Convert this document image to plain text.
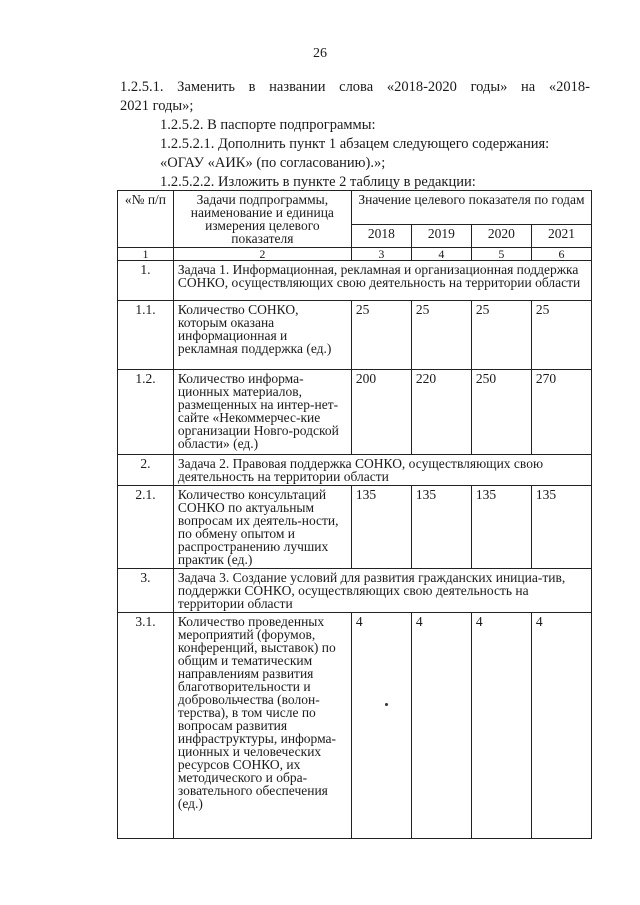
26
1.2.5.1. Заменить в названии слова «2018-2020 годы» на «2018-
2021 годы»;
1.2.5.2. В паспорте подпрограммы:
1.2.5.2.1. Дополнить пункт 1 абзацем следующего содержания:
«ОГАУ «АИК» (по согласованию).»;
1.2.5.2.2. Изложить в пункте 2 таблицу в редакции:
«№ п/п	Задачи подпрограммы, наименование и единица измерения целевого показателя	Значение целевого показателя по годам			
		2018	2019	2020	2021
1	2	3	4	5	6
1.	Задача 1. Информационная, рекламная и организационная поддержка СОНКО, осуществляющих свою деятельность на территории области				
1.1.	Количество СОНКО, которым оказана информационная и рекламная поддержка (ед.)	25	25	25	25
1.2.	Количество информа-ционных материалов, размещенных на интер-нет-сайте «Некоммерчес-кие организации Новго-родской области» (ед.)	200	220	250	270
2.	Задача 2. Правовая поддержка СОНКО, осуществляющих свою деятельность на территории области				
2.1.	Количество консультаций СОНКО по актуальным вопросам их деятель-ности, по обмену опытом и распространению лучших практик (ед.)	135	135	135	135
3.	Задача 3. Создание условий для развития гражданских инициа-тив, поддержки СОНКО, осуществляющих свою деятельность на территории области				
3.1.	Количество проведенных мероприятий (форумов, конференций, выставок) по общим и тематическим направлениям развития благотворительности и добровольчества (волон-терства), в том числе по вопросам развития инфраструктуры, информа-ционных и человеческих ресурсов СОНКО, их методического и обра-зовательного обеспечения (ед.)	4	4	4	4
